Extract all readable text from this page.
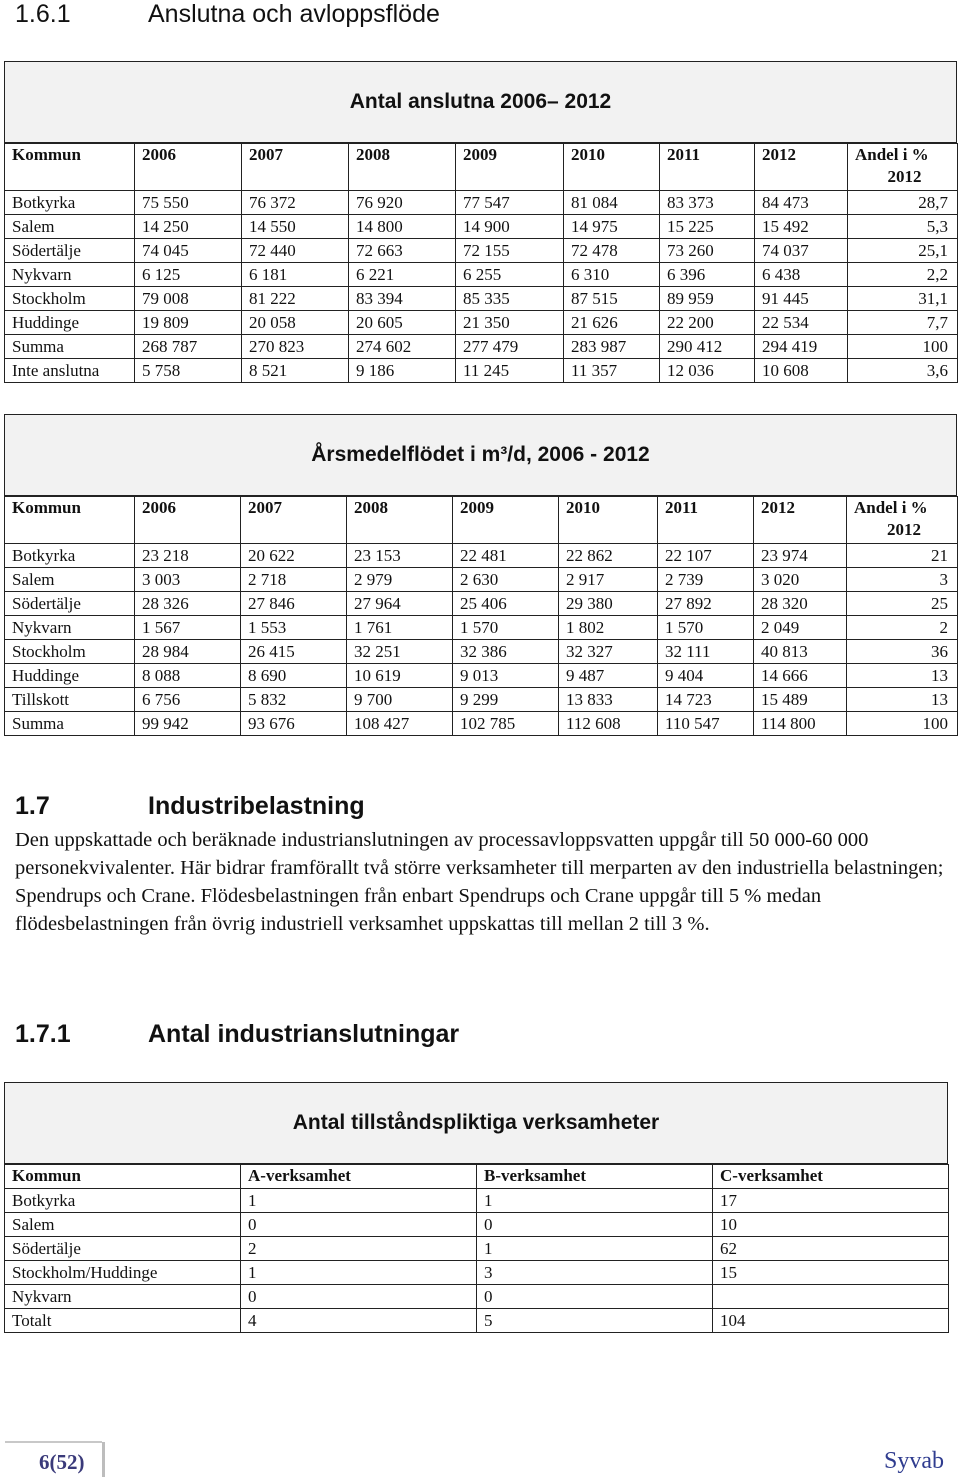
1.6.1	Anslutna och avloppsflöde
Antal anslutna 2006– 2012
Kommun	2006	2007	2008	2009	2010	2011	2012	Andel i %
2012

Botkyrka	75 550	76 372	76 920	77 547	81 084	83 373	84 473	28,7
Salem	14 250	14 550	14 800	14 900	14 975	15 225	15 492	5,3
Södertälje	74 045	72 440	72 663	72 155	72 478	73 260	74 037	25,1
Nykvarn	6 125	6 181	6 221	6 255	6 310	6 396	6 438	2,2
Stockholm	79 008	81 222	83 394	85 335	87 515	89 959	91 445	31,1
Huddinge	19 809	20 058	20 605	21 350	21 626	22 200	22 534	7,7
Summa	268 787	270 823	274 602	277 479	283 987	290 412	294 419	100
Inte anslutna	5 758	8 521	9 186	11 245	11 357	12 036	10 608	3,6
Årsmedelflödet i m³/d, 2006 - 2012
Kommun	2006	2007	2008	2009	2010	2011	2012	Andel i %
2012

Botkyrka	23 218	20 622	23 153	22 481	22 862	22 107	23 974	21
Salem	3 003	2 718	2 979	2 630	2 917	2 739	3 020	3
Södertälje	28 326	27 846	27 964	25 406	29 380	27 892	28 320	25
Nykvarn	1 567	1 553	1 761	1 570	1 802	1 570	2 049	2
Stockholm	28 984	26 415	32 251	32 386	32 327	32 111	40 813	36
Huddinge	8 088	8 690	10 619	9 013	9 487	9 404	14 666	13
Tillskott	6 756	5 832	9 700	9 299	13 833	14 723	15 489	13
Summa	99 942	93 676	108 427	102 785	112 608	110 547	114 800	100
1.7	Industribelastning

Den uppskattade och beräknade industrianslutningen av processavloppsvatten uppgår till 50 000-60 000 personekvivalenter. Här bidrar framförallt två större verksamheter till merparten av den industriella belastningen; Spendrups och Crane. Flödesbelastningen från enbart Spendrups och Crane uppgår till 5 % medan flödesbelastningen från övrig industriell verksamhet uppskattas till mellan 2 till 3 %.

1.7.1	Antal industrianslutningar
Antal tillståndspliktiga verksamheter
Kommun	A-verksamhet	B-verksamhet	C-verksamhet
Botkyrka	1	1	17
Salem	0	0	10
Södertälje	2	1	62
Stockholm/Huddinge	1	3	15
Nykvarn	0	0	
Totalt	4	5	104
6(52)	Syvab
